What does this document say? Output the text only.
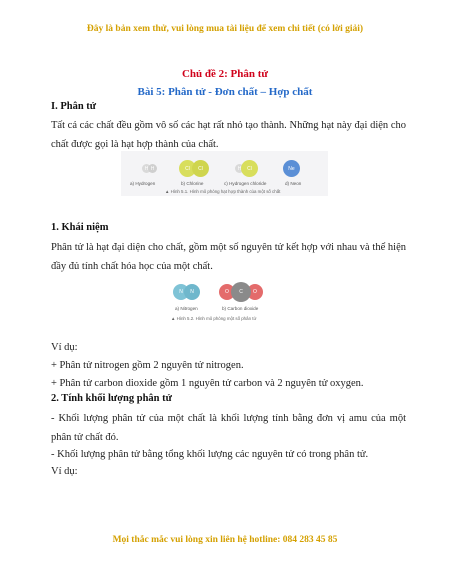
Đây là bản xem thử, vui lòng mua tài liệu để xem chi tiết (có lời giải)
Chủ đề 2: Phân tử
Bài 5: Phân tử - Đơn chất – Hợp chất
I. Phân tử
Tất cả các chất đều gồm vô số các hạt rất nhỏ tạo thành. Những hạt này đại diện cho chất được gọi là hạt hợp thành của chất.
H H
a) Hydrogen
Cl	Cl
b) Chlorine
H	Cl
c) Hydrogen chloride
Ne
d) Neon
▲ Hình 5.1. Hình mô phỏng hạt hợp thành của một số chất
1. Khái niệm
Phân tử là hạt đại diện cho chất, gồm một số nguyên tử kết hợp với nhau và thể hiện đầy đủ tính chất hóa học của một chất.
N	N
a) Nitrogen
O	O
C
b) Carbon dioxide
▲ Hình 5.2. Hình mô phỏng một số phân tử
Ví dụ:
+ Phân tử nitrogen gồm 2 nguyên tử nitrogen.
+ Phân tử carbon dioxide gồm 1 nguyên tử carbon và 2 nguyên tử oxygen.
2. Tính khối lượng phân tử
- Khối lượng phân tử của một chất là khối lượng tính bằng đơn vị amu của một phân tử chất đó.
- Khối lượng phân tử bằng tổng khối lượng các nguyên tử có trong phân tử.
Ví dụ:
Mọi thắc mắc vui lòng xin liên hệ hotline: 084 283 45 85
